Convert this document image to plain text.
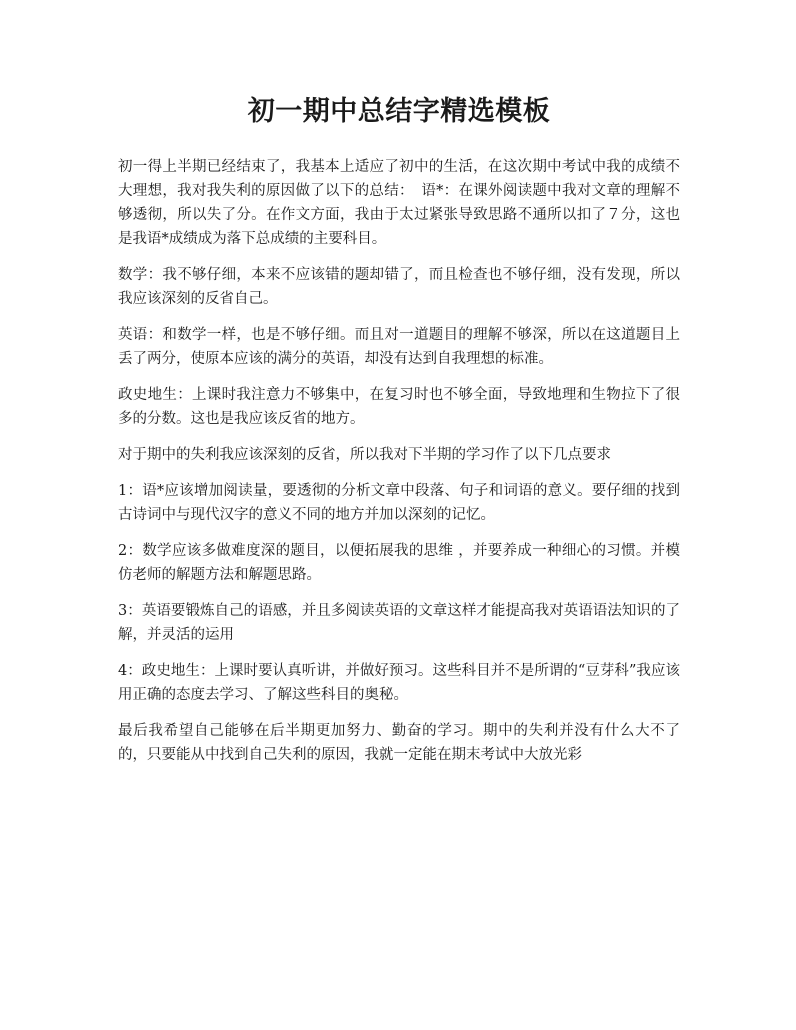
初一期中总结字精选模板

初一得上半期已经结束了，我基本上适应了初中的生活，在这次期中考试中我的成绩不大理想，我对我失利的原因做了以下的总结：　语*：在课外阅读题中我对文章的理解不够透彻，所以失了分。在作文方面，我由于太过紧张导致思路不通所以扣了７分，这也是我语*成绩成为落下总成绩的主要科目。

数学：我不够仔细，本来不应该错的题却错了，而且检查也不够仔细，没有发现，所以我应该深刻的反省自己。

英语：和数学一样，也是不够仔细。而且对一道题目的理解不够深，所以在这道题目上丢了两分，使原本应该的满分的英语，却没有达到自我理想的标准。

政史地生：上课时我注意力不够集中，在复习时也不够全面，导致地理和生物拉下了很多的分数。这也是我应该反省的地方。

对于期中的失利我应该深刻的反省，所以我对下半期的学习作了以下几点要求

1：语*应该增加阅读量，要透彻的分析文章中段落、句子和词语的意义。要仔细的找到古诗词中与现代汉字的意义不同的地方并加以深刻的记忆。

2：数学应该多做难度深的题目，以便拓展我的思维 ，并要养成一种细心的习惯。并模仿老师的解题方法和解题思路。

3：英语要锻炼自己的语感，并且多阅读英语的文章这样才能提高我对英语语法知识的了解，并灵活的运用

4：政史地生：上课时要认真听讲，并做好预习。这些科目并不是所谓的“豆芽科”我应该用正确的态度去学习、了解这些科目的奥秘。

最后我希望自己能够在后半期更加努力、勤奋的学习。期中的失利并没有什么大不了的，只要能从中找到自己失利的原因，我就一定能在期末考试中大放光彩
